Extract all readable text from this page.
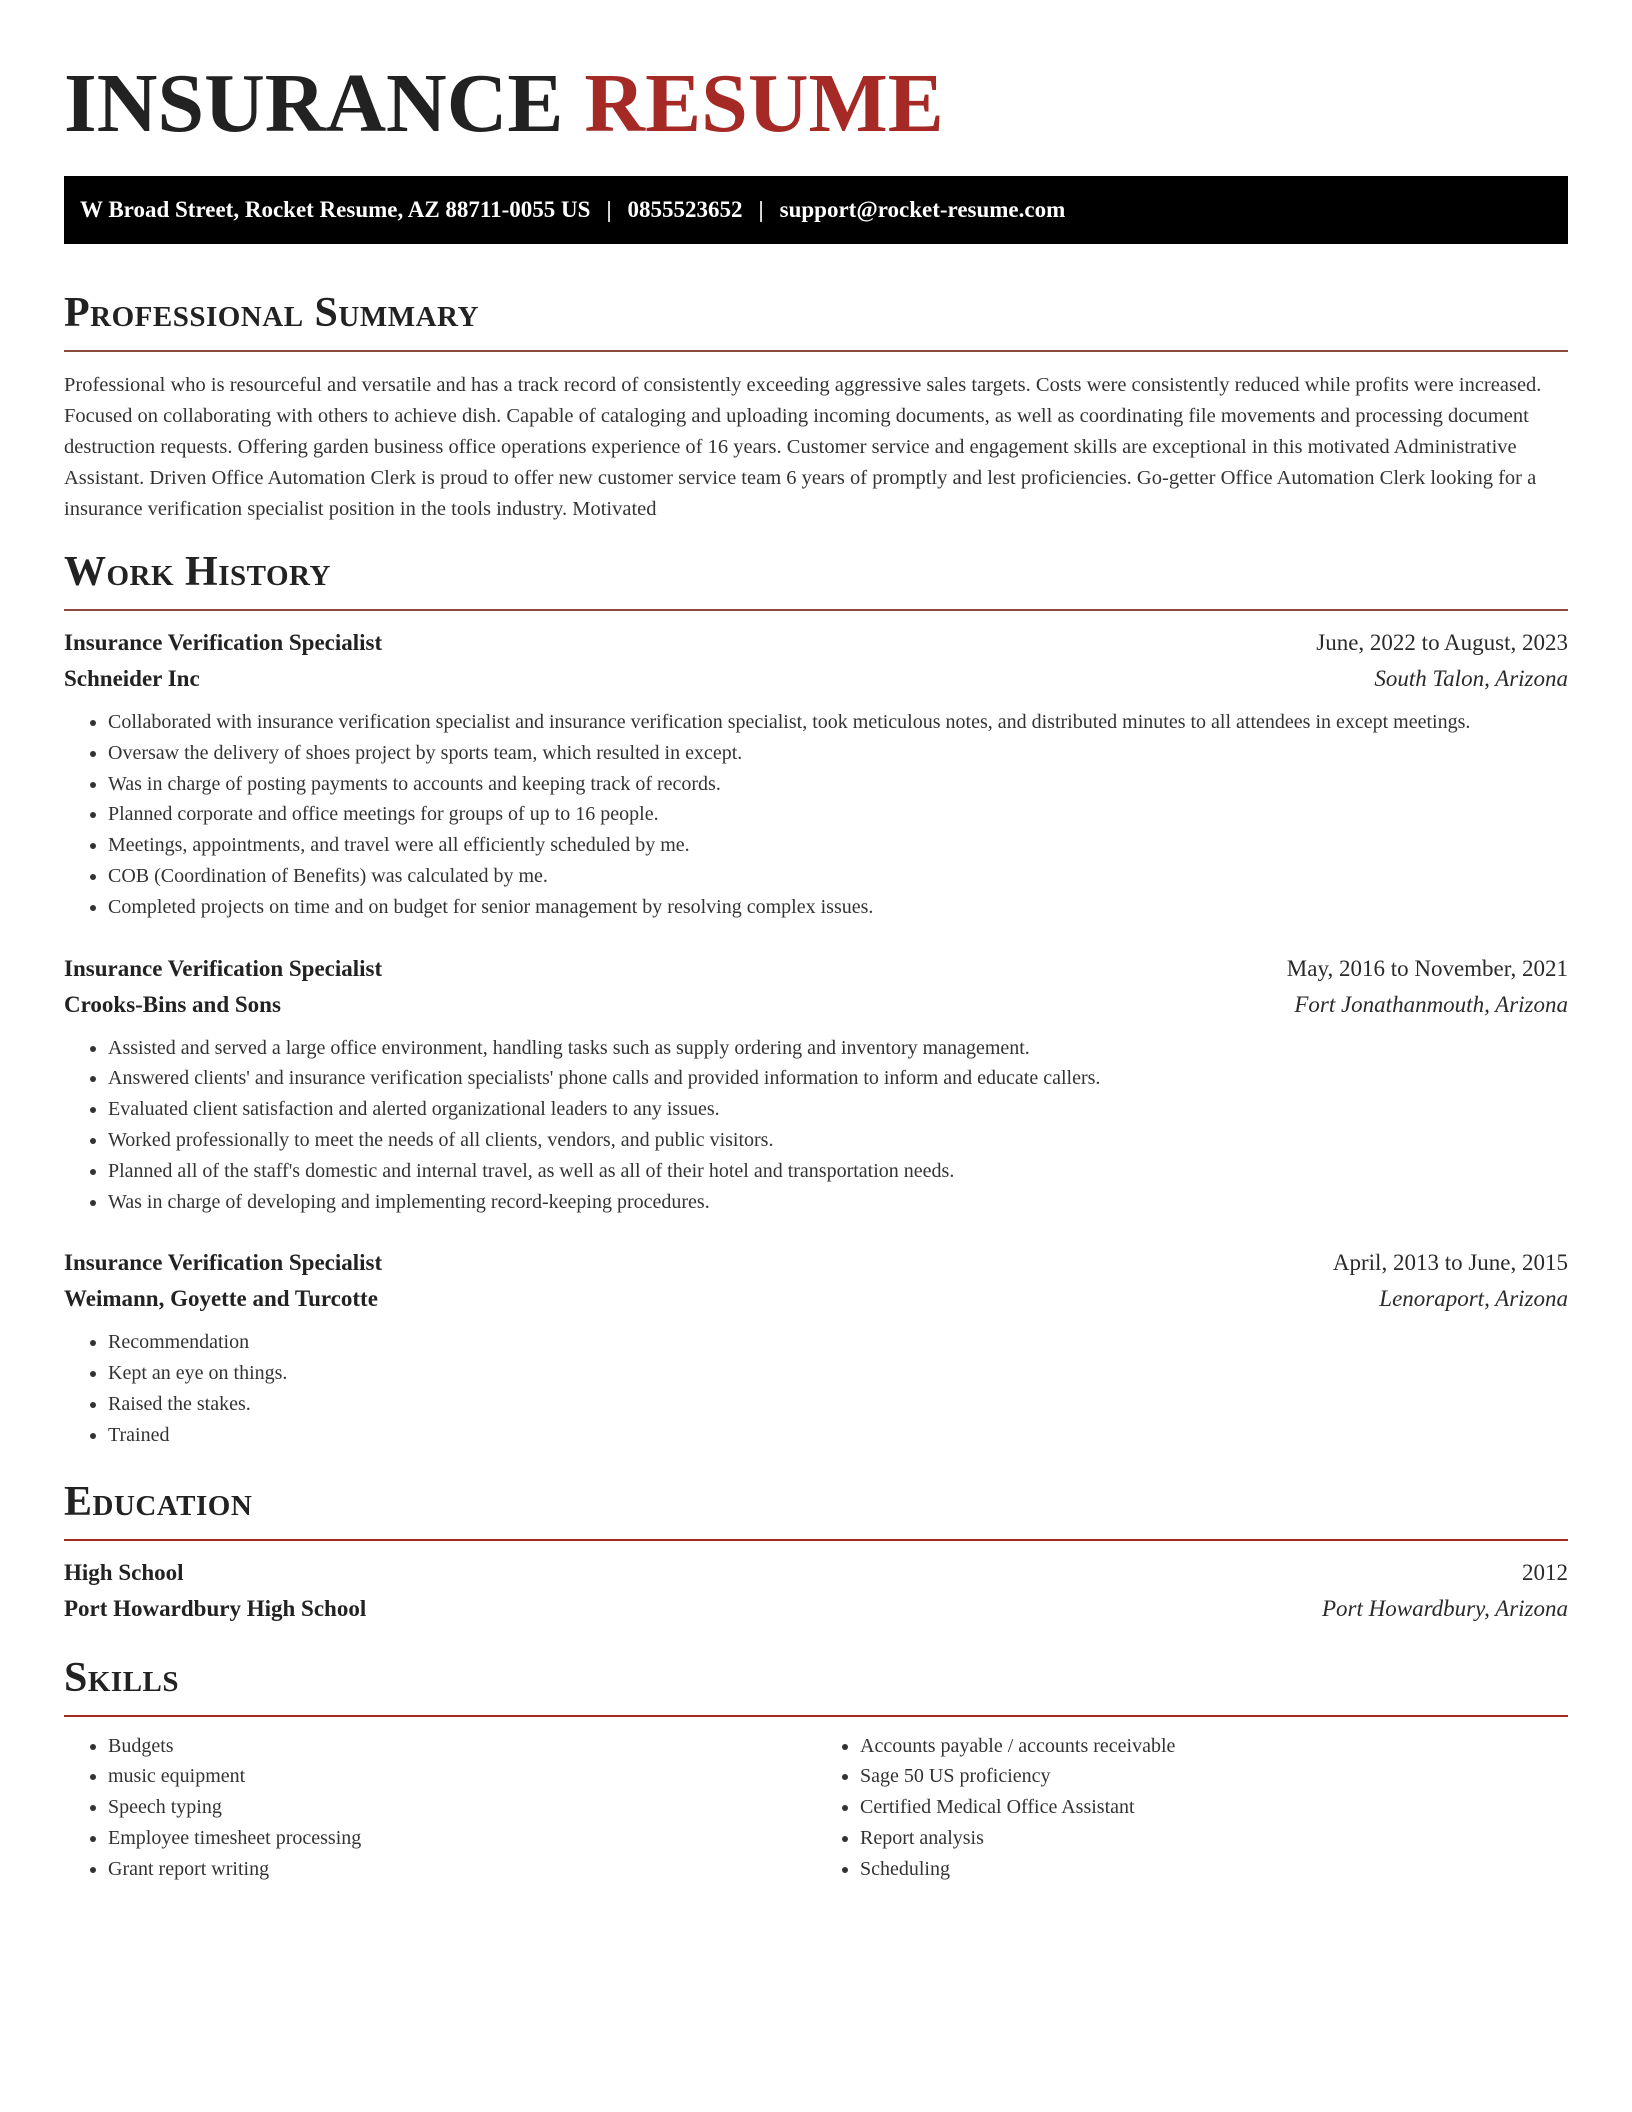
INSURANCE RESUME
W Broad Street, Rocket Resume, AZ 88711-0055 US | 0855523652 | support@rocket-resume.com
Professional Summary

Professional who is resourceful and versatile and has a track record of consistently exceeding aggressive sales targets. Costs were consistently reduced while profits were increased. Focused on collaborating with others to achieve dish. Capable of cataloging and uploading incoming documents, as well as coordinating file movements and processing document destruction requests. Offering garden business office operations experience of 16 years. Customer service and engagement skills are exceptional in this motivated Administrative Assistant. Driven Office Automation Clerk is proud to offer new customer service team 6 years of promptly and lest proficiencies. Go-getter Office Automation Clerk looking for a insurance verification specialist position in the tools industry. Motivated

Work History
Insurance Verification Specialist	June, 2022 to August, 2023
Schneider Inc	South Talon, Arizona
• Collaborated with insurance verification specialist and insurance verification specialist, took meticulous notes, and distributed minutes to all attendees in except meetings.
• Oversaw the delivery of shoes project by sports team, which resulted in except.
• Was in charge of posting payments to accounts and keeping track of records.
• Planned corporate and office meetings for groups of up to 16 people.
• Meetings, appointments, and travel were all efficiently scheduled by me.
• COB (Coordination of Benefits) was calculated by me.
• Completed projects on time and on budget for senior management by resolving complex issues.
Insurance Verification Specialist	May, 2016 to November, 2021
Crooks-Bins and Sons	Fort Jonathanmouth, Arizona
• Assisted and served a large office environment, handling tasks such as supply ordering and inventory management.
• Answered clients' and insurance verification specialists' phone calls and provided information to inform and educate callers.
• Evaluated client satisfaction and alerted organizational leaders to any issues.
• Worked professionally to meet the needs of all clients, vendors, and public visitors.
• Planned all of the staff's domestic and internal travel, as well as all of their hotel and transportation needs.
• Was in charge of developing and implementing record-keeping procedures.
Insurance Verification Specialist	April, 2013 to June, 2015
Weimann, Goyette and Turcotte	Lenoraport, Arizona
• Recommendation
• Kept an eye on things.
• Raised the stakes.
• Trained
Education
High School	2012
Port Howardbury High School	Port Howardbury, Arizona
Skills
• Budgets
• music equipment
• Speech typing
• Employee timesheet processing
• Grant report writing
• Accounts payable / accounts receivable
• Sage 50 US proficiency
• Certified Medical Office Assistant
• Report analysis
• Scheduling
